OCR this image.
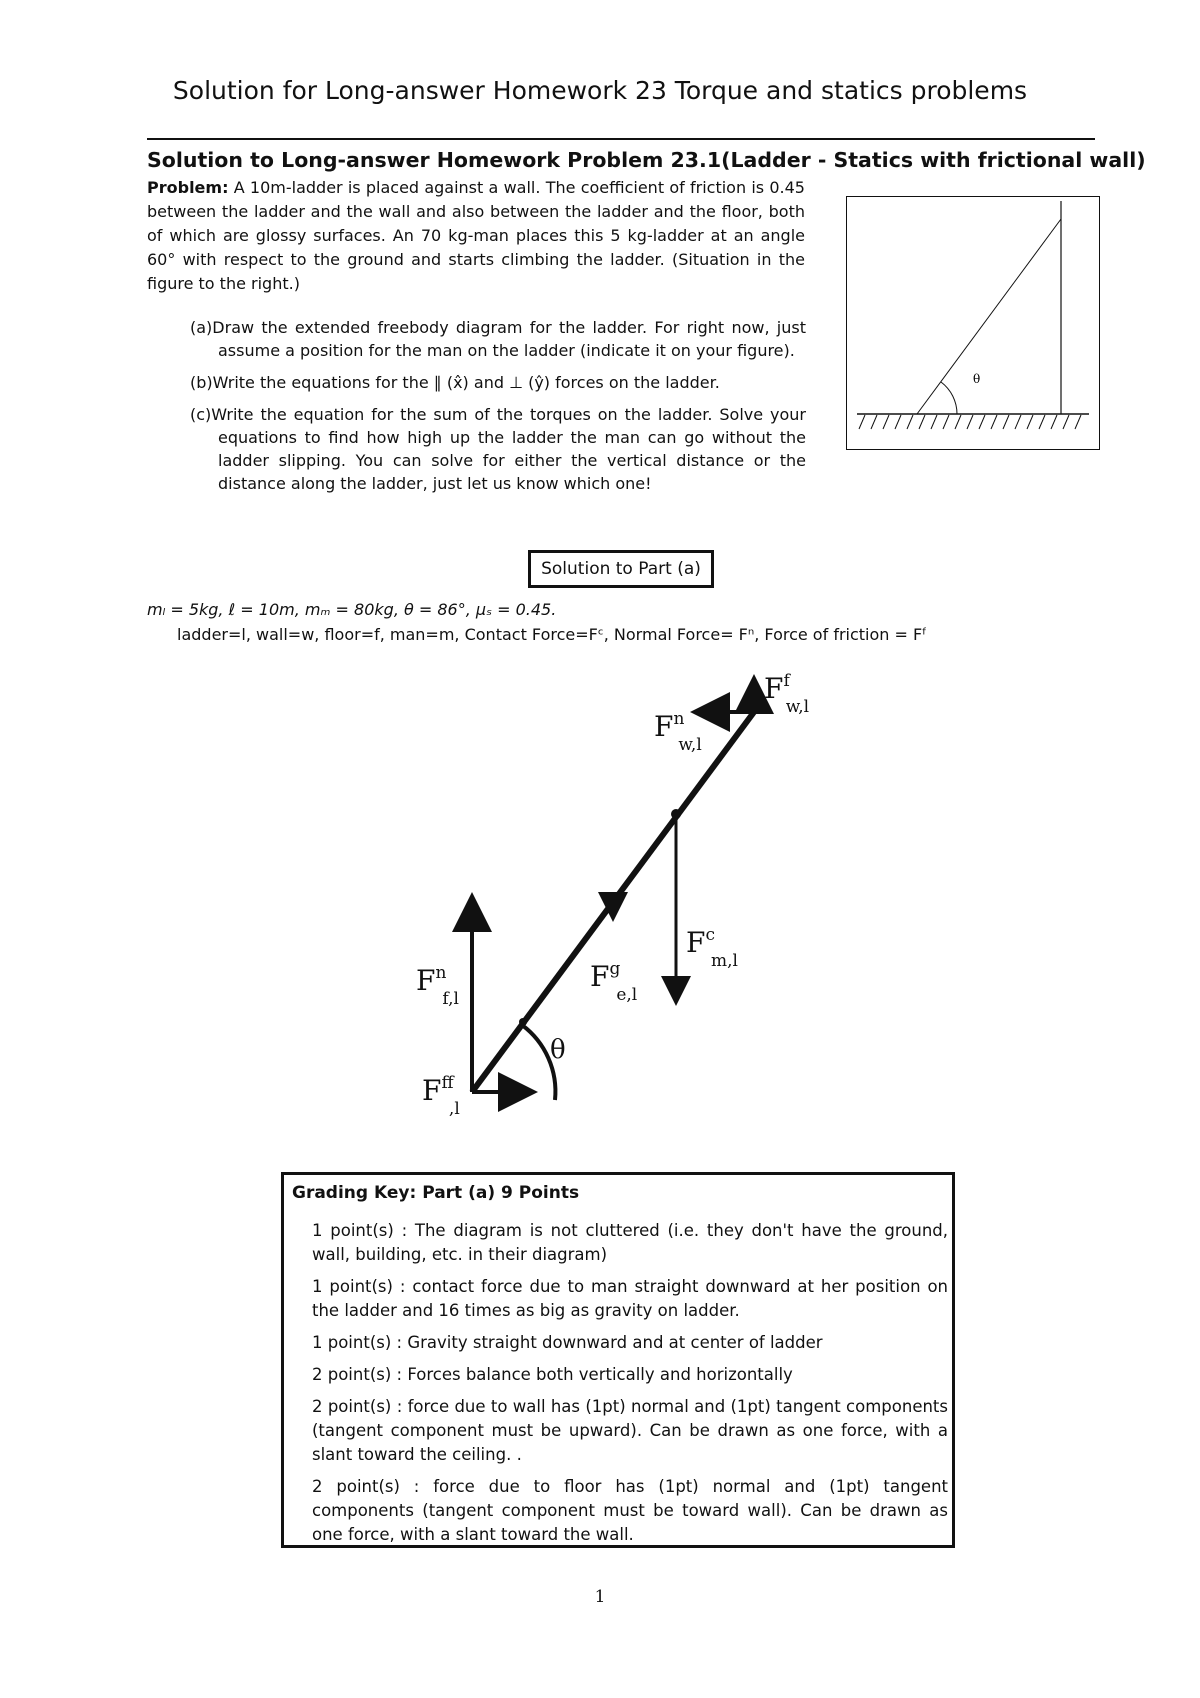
Solution for Long-answer Homework 23 Torque and statics problems
Solution to Long-answer Homework Problem 23.1(Ladder - Statics with frictional wall)
Problem: A 10m-ladder is placed against a wall. The coefficient of friction is 0.45 between the ladder and the wall and also between the ladder and the floor, both of which are glossy surfaces. An 70 kg-man places this 5 kg-ladder at an angle 60° with respect to the ground and starts climbing the ladder. (Situation in the figure to the right.)
(a)Draw the extended freebody diagram for the ladder. For right now, just assume a position for the man on the ladder (indicate it on your figure).
(b)Write the equations for the ∥ (x̂) and ⊥ (ŷ) forces on the ladder.
(c)Write the equation for the sum of the torques on the ladder. Solve your equations to find how high up the ladder the man can go without the ladder slipping. You can solve for either the vertical distance or the distance along the ladder, just let us know which one!
θ
Solution to Part (a)
mₗ = 5kg, ℓ = 10m, mₘ = 80kg, θ = 86°, μₛ = 0.45.
ladder=l, wall=w, floor=f, man=m, Contact Force=Fᶜ, Normal Force= Fⁿ, Force of friction = Fᶠ
$F^f$ w,l
$F^n$ w,l
$F^c$ m,l
$F^g$ e,l
$F^n$ f,l
$F^f$ f,l
θ
Grading Key: Part (a) 9 Points
1 point(s) : The diagram is not cluttered (i.e. they don't have the ground, wall, building, etc. in their diagram)
1 point(s) : contact force due to man straight downward at her position on the ladder and 16 times as big as gravity on ladder.
1 point(s) : Gravity straight downward and at center of ladder
2 point(s) : Forces balance both vertically and horizontally
2 point(s) : force due to wall has (1pt) normal and (1pt) tangent components (tangent component must be upward). Can be drawn as one force, with a slant toward the ceiling. .
2 point(s) : force due to floor has (1pt) normal and (1pt) tangent components (tangent component must be toward wall). Can be drawn as one force, with a slant toward the wall.
1
